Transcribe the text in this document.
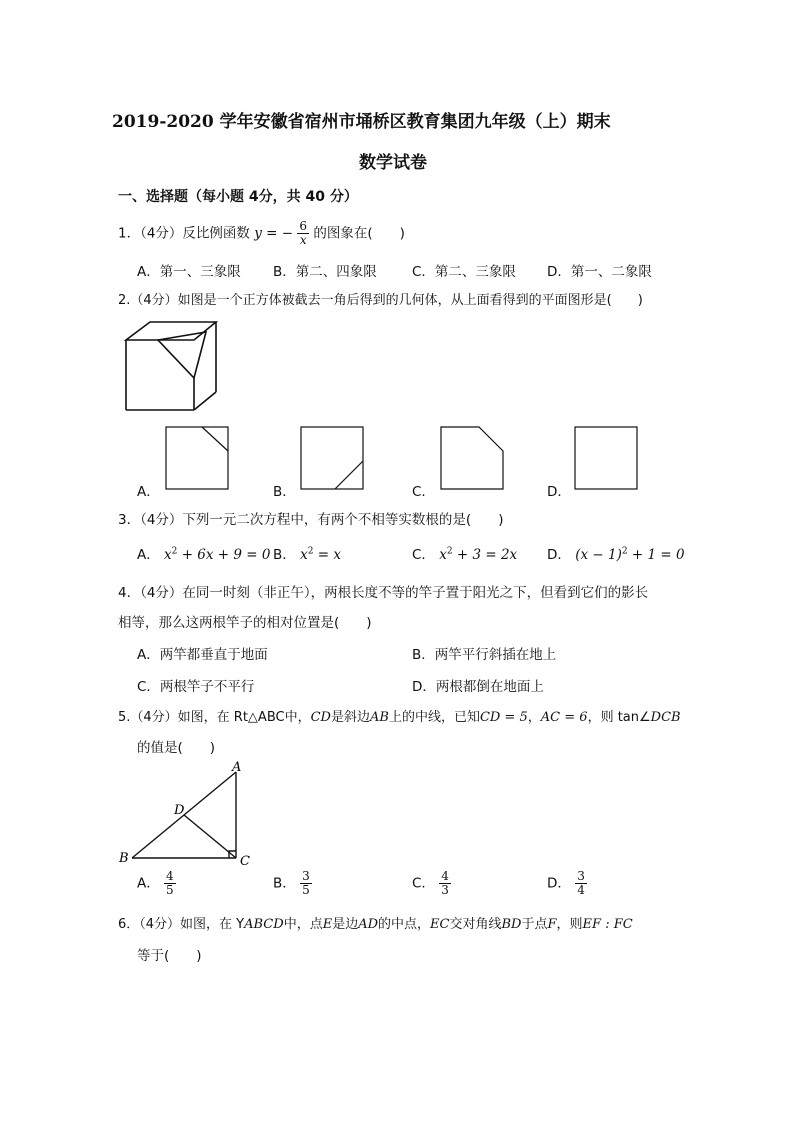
2019-2020 学年安徽省宿州市埇桥区教育集团九年级（上）期末
数学试卷
一、选择题（每小题 4分，共 40 分）
1．（4分）反比例函数 y = − $\frac{6}{x}$ 的图象在(　　)
A．第一、三象限 B．第二、四象限	C．第二、三象限 D．第一、二象限
2.（4分）如图是一个正方体被截去一角后得到的几何体，从上面看得到的平面图形是(　　)
A．	B．	C．	D．
3．（4分）下列一元二次方程中，有两个不相等实数根的是(　　)
A． $x^2 + 6x + 9 = 0$ B． $x^2 = x$	C． $x^2 + 3 = 2x$ D． $(x - 1)^2 + 1 = 0$
4．（4分）在同一时刻（非正午），两根长度不等的竿子置于阳光之下，但看到它们的影长
相等，那么这两根竿子的相对位置是(　　)
A．两竿都垂直于地面	B．两竿平行斜插在地上
C．两根竿子不平行	D．两根都倒在地面上
5.（4分）如图，在 Rt△ABC中，CD是斜边AB上的中线，已知CD = 5，AC = 6，则 tan∠DCB
的值是(　　)
A
D
B	C
A． $\frac{4}{5}$	B． $\frac{3}{5}$	C． $\frac{4}{3}$	D． $\frac{3}{4}$
6．（4分）如图，在 YABCD中，点E是边AD的中点，EC交对角线BD于点F，则EF : FC
等于(　　)
